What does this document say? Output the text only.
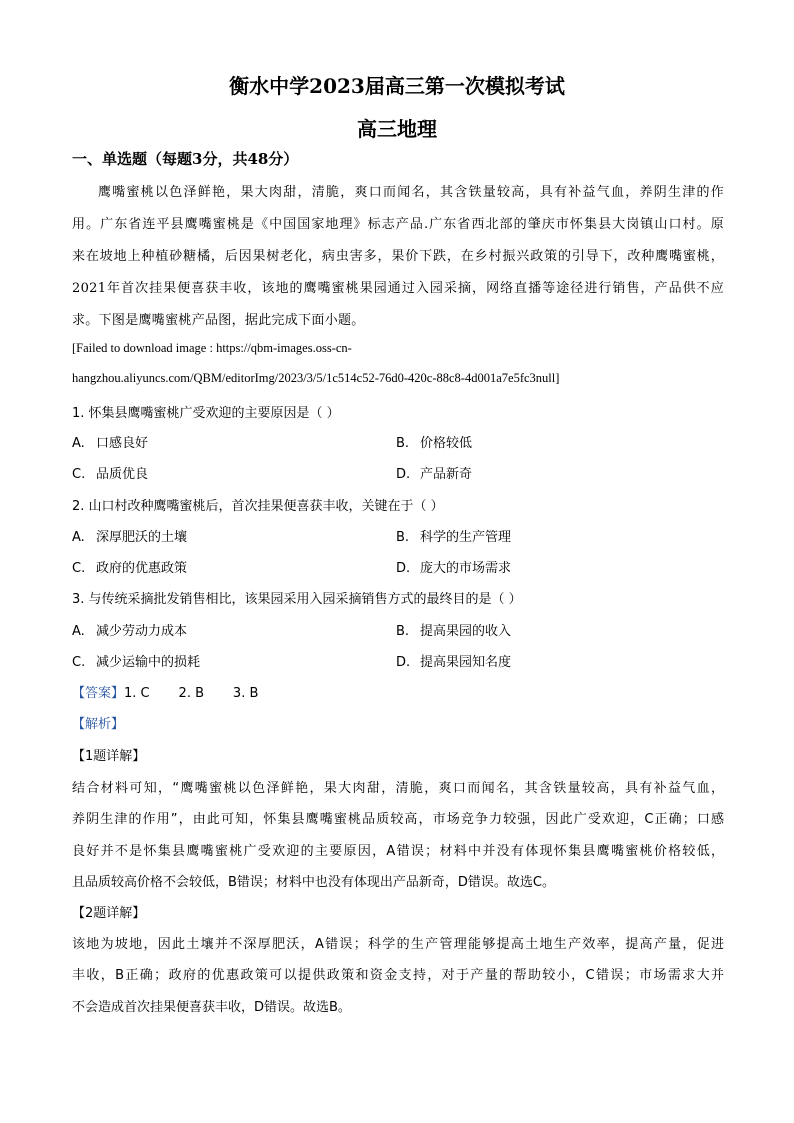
衡水中学2023届高三第一次模拟考试
高三地理
一、单选题（每题3分，共48分）
鹰嘴蜜桃以色泽鲜艳，果大肉甜，清脆，爽口而闻名，其含铁量较高，具有补益气血，养阴生津的作
用。广东省连平县鹰嘴蜜桃是《中国国家地理》标志产品.广东省西北部的肇庆市怀集县大岗镇山口村。原
来在坡地上种植砂糖橘，后因果树老化，病虫害多，果价下跌，在乡村振兴政策的引导下，改种鹰嘴蜜桃，
2021年首次挂果便喜获丰收，该地的鹰嘴蜜桃果园通过入园采摘，网络直播等途径进行销售，产品供不应
求。下图是鹰嘴蜜桃产品图，据此完成下面小题。
[Failed to download image : https://qbm-images.oss-cn-
hangzhou.aliyuncs.com/QBM/editorImg/2023/3/5/1c514c52-76d0-420c-88c8-4d001a7e5fc3null]
1. 怀集县鹰嘴蜜桃广受欢迎的主要原因是（ ）
A. 口感良好	B. 价格较低
C. 品质优良	D. 产品新奇
2. 山口村改种鹰嘴蜜桃后，首次挂果便喜获丰收，关键在于（ ）
A. 深厚肥沃的土壤	B. 科学的生产管理
C. 政府的优惠政策	D. 庞大的市场需求
3. 与传统采摘批发销售相比，该果园采用入园采摘销售方式的最终目的是（ ）
A. 减少劳动力成本	B. 提高果园的收入
C. 减少运输中的损耗	D. 提高果园知名度
【答案】1. C       2. B       3. B
【解析】
【1题详解】
结合材料可知，“鹰嘴蜜桃以色泽鲜艳，果大肉甜，清脆，爽口而闻名，其含铁量较高，具有补益气血，
养阴生津的作用”，由此可知，怀集县鹰嘴蜜桃品质较高，市场竞争力较强，因此广受欢迎，C正确；口感
良好并不是怀集县鹰嘴蜜桃广受欢迎的主要原因，A错误；材料中并没有体现怀集县鹰嘴蜜桃价格较低，
且品质较高价格不会较低，B错误；材料中也没有体现出产品新奇，D错误。故选C。
【2题详解】
该地为坡地，因此土壤并不深厚肥沃，A错误；科学的生产管理能够提高土地生产效率，提高产量，促进
丰收，B正确；政府的优惠政策可以提供政策和资金支持，对于产量的帮助较小，C错误；市场需求大并
不会造成首次挂果便喜获丰收，D错误。故选B。
